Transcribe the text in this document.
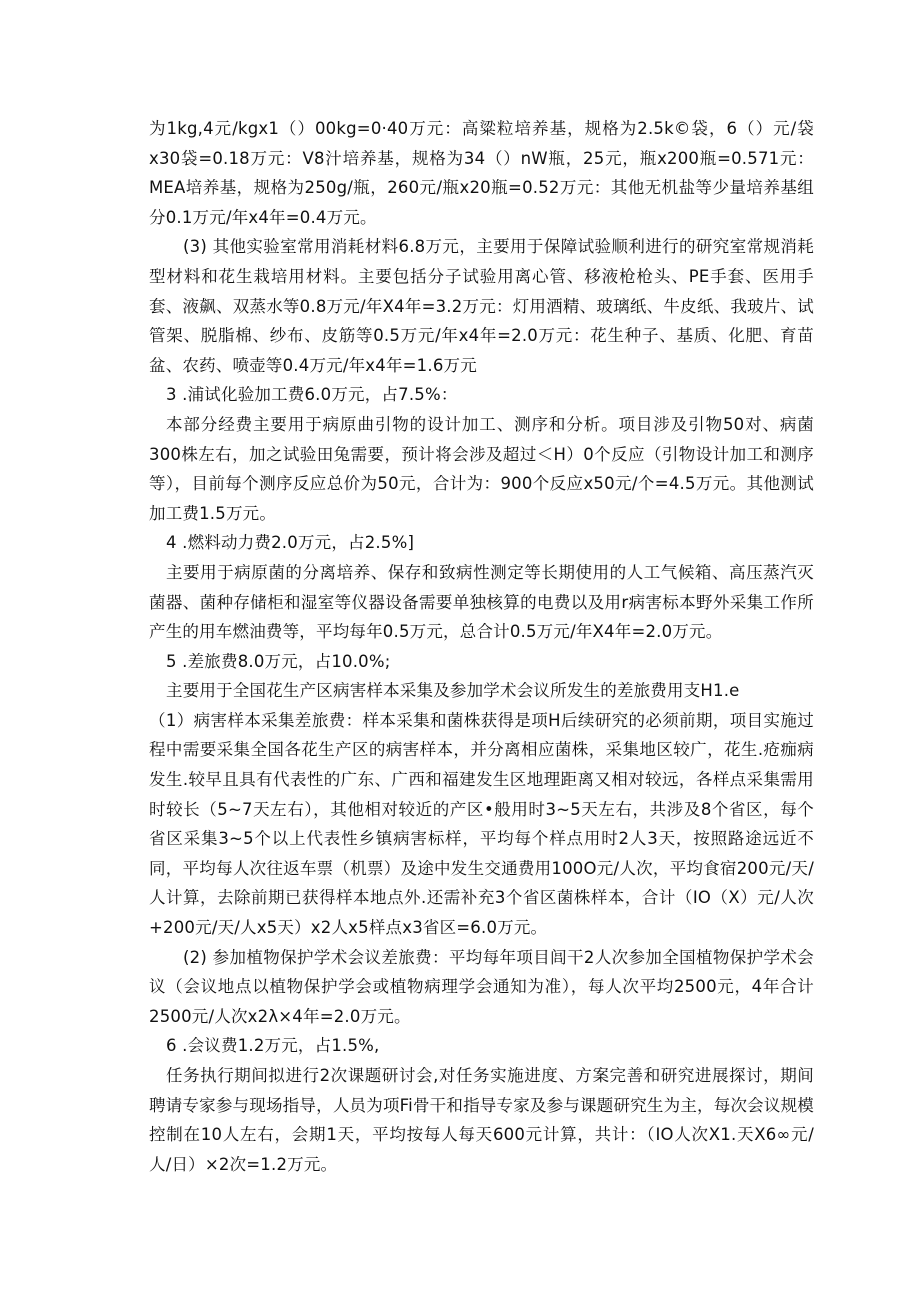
为1kg,4元/kgx1（）00kg=0·40万元：高粱粒培养基，规格为2.5k©袋，6（）元/袋x30袋=0.18万元：V8汁培养基，规格为34（）nW瓶，25元，瓶x200瓶=0.571元：MEA培养基，规格为250g/瓶，260元/瓶x20瓶=0.52万元：其他无机盐等少量培养基组分0.1万元/年x4年=0.4万元。

(3) 其他实验室常用消耗材料6.8万元，主要用于保障试验顺利进行的研究室常规消耗型材料和花生栽培用材料。主要包括分子试验用离心管、移液枪枪头、PE手套、医用手套、液飙、双蒸水等0.8万元/年X4年=3.2万元：灯用酒精、玻璃纸、牛皮纸、我玻片、试管架、脱脂棉、纱布、皮筋等0.5万元/年x4年=2.0万元：花生种子、基质、化肥、育苗盆、农药、喷壶等0.4万元/年x4年=1.6万元

3 .浦试化验加工费6.0万元，占7.5%：

本部分经费主要用于病原曲引物的设计加工、测序和分析。项目涉及引物50对、病菌300株左右，加之试验田兔需要，预计将会涉及超过＜H）0个反应（引物设计加工和测序等），目前每个测序反应总价为50元，合计为：900个反应x50元/个=4.5万元。其他测试加工费1.5万元。

4 .燃料动力费2.0万元，占2.5%]

主要用于病原菌的分离培养、保存和致病性测定等长期使用的人工气候箱、高压蒸汽灭菌器、菌种存储柜和湿室等仪器设备需要单独核算的电费以及用r病害标本野外采集工作所产生的用车燃油费等，平均每年0.5万元，总合计0.5万元/年X4年=2.0万元。

5 .差旅费8.0万元，占10.0%;

主要用于全国花生产区病害样本采集及参加学术会议所发生的差旅费用支H1.e

（1）病害样本采集差旅费：样本采集和菌株获得是项H后续研究的必须前期，项目实施过程中需要采集全国各花生产区的病害样本，并分离相应菌株，采集地区较广，花生.疮痂病发生.较早且具有代表性的广东、广西和福建发生区地理距离又相对较远，各样点采集需用时较长（5~7天左右），其他相对较近的产区•般用时3~5天左右，共涉及8个省区，每个省区采集3~5个以上代表性乡镇病害标样，平均每个样点用时2人3天，按照路途远近不同，平均每人次往返车票（机票）及途中发生交通费用100O元/人次，平均食宿200元/天/人计算，去除前期已获得样本地点外.还需补充3个省区菌株样本，合计（IO（X）元/人次+200元/天/人x5天）x2人x5样点x3省区=6.0万元。

(2) 参加植物保护学术会议差旅费：平均每年项目闾干2人次参加全国植物保护学术会议（会议地点以植物保护学会或植物病理学会通知为准），每人次平均2500元，4年合计2500元/人次x2λ×4年=2.0万元。

6 .会议费1.2万元，占1.5%,

任务执行期间拟进行2次课题研讨会,对任务实施进度、方案完善和研究进展探讨，期间聘请专家参与现场指导，人员为项Fi骨干和指导专家及参与课题研究生为主，每次会议规模控制在10人左右，会期1天，平均按每人每天600元计算，共计：（IO人次X1.天X6∞元/人/日）×2次=1.2万元。
